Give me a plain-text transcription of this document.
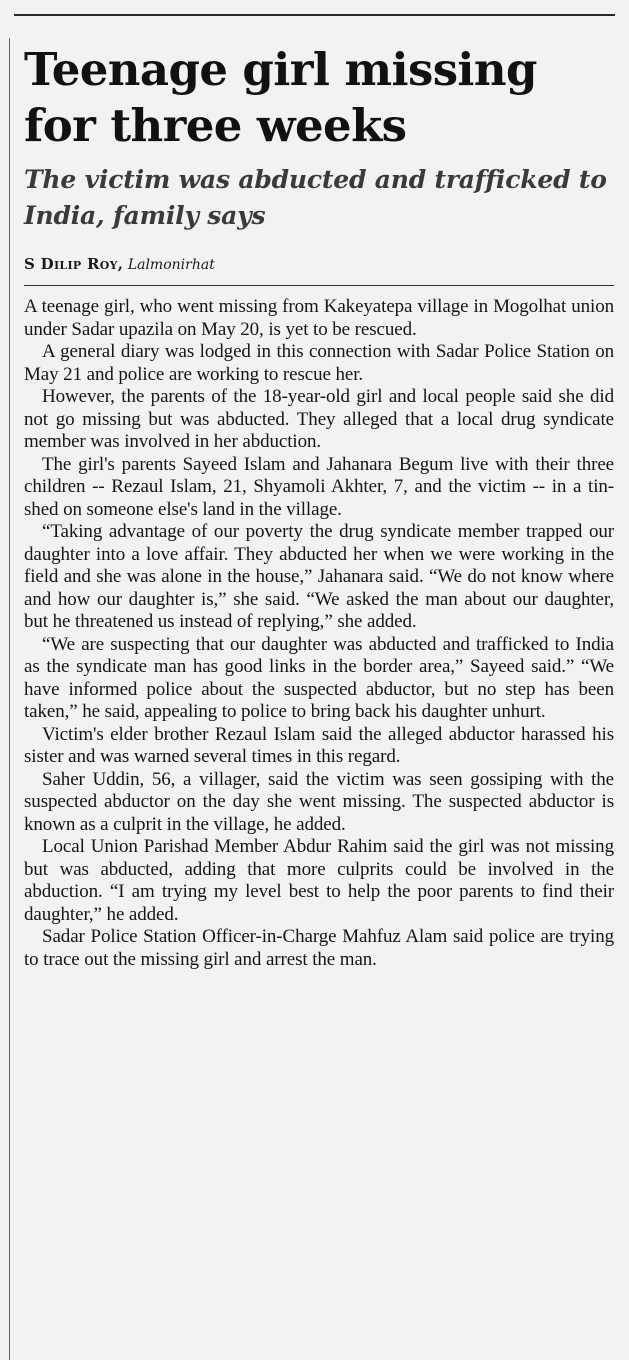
Teenage girl missing for three weeks
The victim was abducted and trafficked to India, family says
S Dilip Roy, Lalmonirhat

A teenage girl, who went missing from Kakeyatepa village in Mogolhat union under Sadar upazila on May 20, is yet to be rescued.

A general diary was lodged in this connection with Sadar Police Station on May 21 and police are working to rescue her.

However, the parents of the 18-year-old girl and local people said she did not go missing but was abducted. They alleged that a local drug syndicate member was involved in her abduction.

The girl's parents Sayeed Islam and Jahanara Begum live with their three children -- Rezaul Islam, 21, Shyamoli Akhter, 7, and the victim -- in a tin-shed on someone else's land in the village.

“Taking advantage of our poverty the drug syndicate member trapped our daughter into a love affair. They abducted her when we were working in the field and she was alone in the house,” Jahanara said. “We do not know where and how our daughter is,” she said. “We asked the man about our daughter, but he threatened us instead of replying,” she added.

“We are suspecting that our daughter was abducted and trafficked to India as the syndicate man has good links in the border area,” Sayeed said.” “We have informed police about the suspected abductor, but no step has been taken,” he said, appealing to police to bring back his daughter unhurt.

Victim's elder brother Rezaul Islam said the alleged abductor harassed his sister and was warned several times in this regard.

Saher Uddin, 56, a villager, said the victim was seen gossiping with the suspected abductor on the day she went missing. The suspected abductor is known as a culprit in the village, he added.

Local Union Parishad Member Abdur Rahim said the girl was not missing but was abducted, adding that more culprits could be involved in the abduction. “I am trying my level best to help the poor parents to find their daughter,” he added.

Sadar Police Station Officer-in-Charge Mahfuz Alam said police are trying to trace out the missing girl and arrest the man.
